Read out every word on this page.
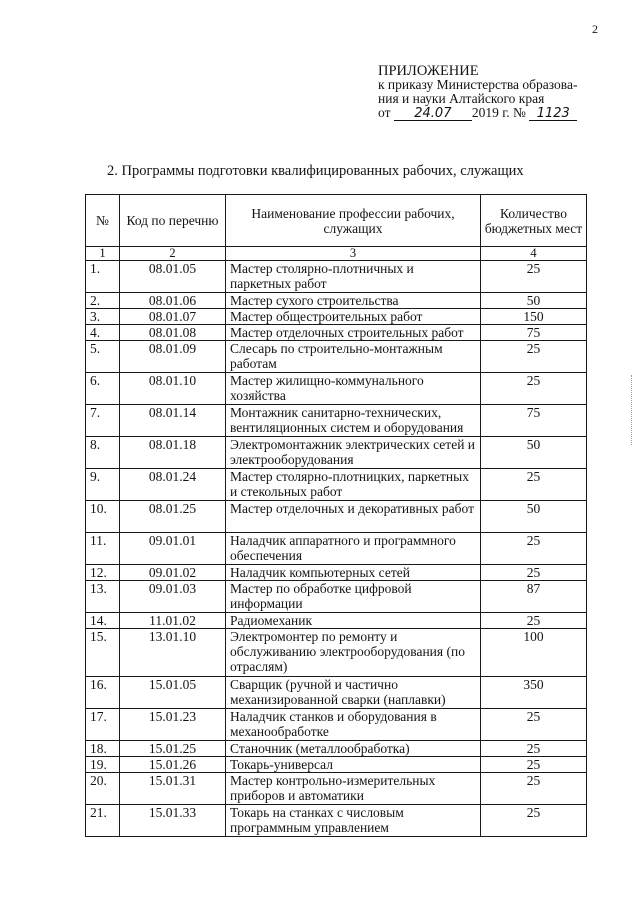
2
ПРИЛОЖЕНИЕ
к приказу Министерства образова-
ния и науки Алтайского края
от 24.07 2019 г. № 1123
2. Программы подготовки квалифицированных рабочих, служащих
№	Код по перечню	Наименование профессии рабочих, служащих	Количество бюджетных мест
1	2	3	4
1.	08.01.05	Мастер столярно-плотничных и паркетных работ	25
2.	08.01.06	Мастер сухого строительства	50
3.	08.01.07	Мастер общестроительных работ	150
4.	08.01.08	Мастер отделочных строительных работ	75
5.	08.01.09	Слесарь по строительно-монтажным работам	25
6.	08.01.10	Мастер жилищно-коммунального хозяйства	25
7.	08.01.14	Монтажник санитарно-технических, вентиляционных систем и оборудования	75
8.	08.01.18	Электромонтажник электрических сетей и электрооборудования	50
9.	08.01.24	Мастер столярно-плотницких, паркетных и стекольных работ	25
10.	08.01.25	Мастер отделочных и декоративных работ	50
11.	09.01.01	Наладчик аппаратного и программного обеспечения	25
12.	09.01.02	Наладчик компьютерных сетей	25
13.	09.01.03	Мастер по обработке цифровой информации	87
14.	11.01.02	Радиомеханик	25
15.	13.01.10	Электромонтер по ремонту и обслуживанию электрооборудования (по отраслям)	100
16.	15.01.05	Сварщик (ручной и частично механизированной сварки (наплавки)	350
17.	15.01.23	Наладчик станков и оборудования в механообработке	25
18.	15.01.25	Станочник (металлообработка)	25
19.	15.01.26	Токарь-универсал	25
20.	15.01.31	Мастер контрольно-измерительных приборов и автоматики	25
21.	15.01.33	Токарь на станках с числовым программным управлением	25
